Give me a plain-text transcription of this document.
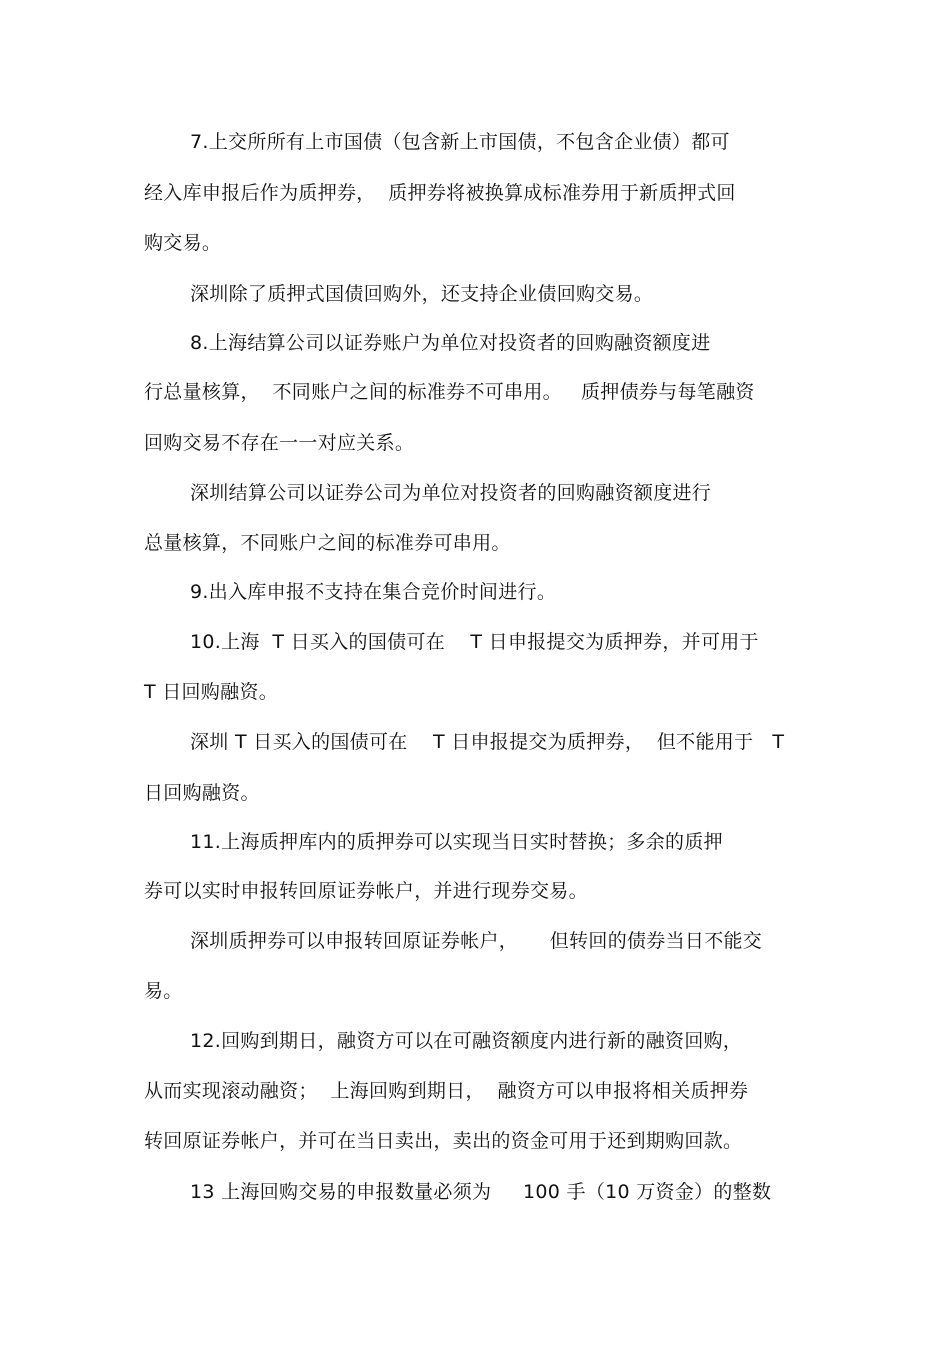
7.上交所所有上市国债（包含新上市国债，不包含企业债）都可
经入库申报后作为质押券，  质押券将被换算成标准券用于新质押式回
购交易。
深圳除了质押式国债回购外，还支持企业债回购交易。
8.上海结算公司以证券账户为单位对投资者的回购融资额度进
行总量核算，  不同账户之间的标准券不可串用。   质押债券与每笔融资
回购交易不存在一一对应关系。
深圳结算公司以证券公司为单位对投资者的回购融资额度进行
总量核算，不同账户之间的标准券可串用。
9.出入库申报不支持在集合竞价时间进行。
10.上海  T 日买入的国债可在    T 日申报提交为质押券，并可用于
T 日回购融资。
深圳 T 日买入的国债可在    T 日申报提交为质押券，  但不能用于   T
日回购融资。
11.上海质押库内的质押券可以实现当日实时替换；多余的质押
券可以实时申报转回原证券帐户，并进行现券交易。
深圳质押券可以申报转回原证券帐户，     但转回的债券当日不能交
易。
12.回购到期日，融资方可以在可融资额度内进行新的融资回购，
从而实现滚动融资；  上海回购到期日，  融资方可以申报将相关质押券
转回原证券帐户，并可在当日卖出，卖出的资金可用于还到期购回款。
13 上海回购交易的申报数量必须为     100 手（10 万资金）的整数
